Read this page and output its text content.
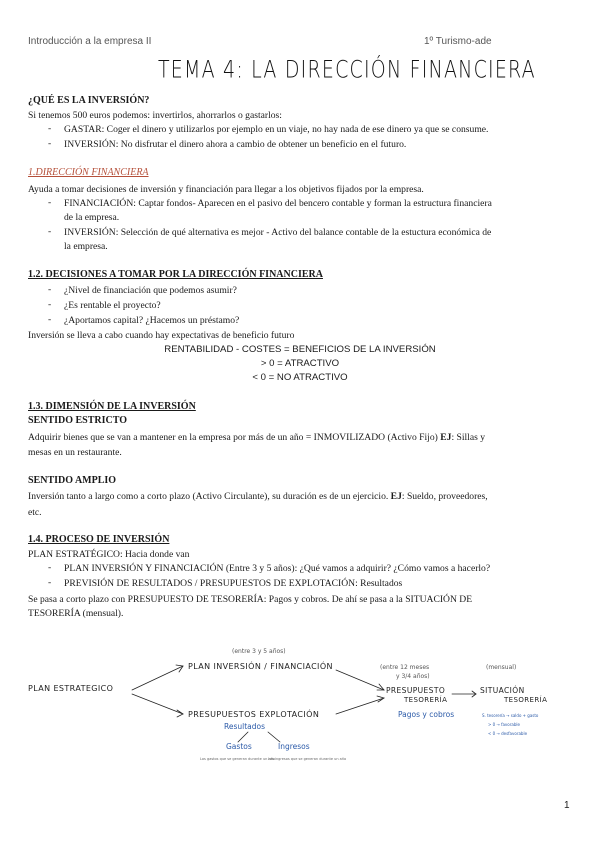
Introducción a la empresa II	1º Turismo-ade
TEMA 4: LA DIRECCIÓN FINANCIERA
¿QUÉ ES LA INVERSIÓN?
Si tenemos 500 euros podemos: invertirlos, ahorrarlos o gastarlos:
- GASTAR: Coger el dinero y utilizarlos por ejemplo en un viaje, no hay nada de ese dinero ya que se consume.
- INVERSIÓN: No disfrutar el dinero ahora a cambio de obtener un beneficio en el futuro.
1.DIRECCIÓN FINANCIERA
Ayuda a tomar decisiones de inversión y financiación para llegar a los objetivos fijados por la empresa.
- FINANCIACIÓN: Captar fondos- Aparecen en el pasivo del bencero contable y forman la estructura financiera
de la empresa.
- INVERSIÓN: Selección de qué alternativa es mejor - Activo del balance contable de la estuctura económica de
la empresa.
1.2. DECISIONES A TOMAR POR LA DIRECCIÓN FINANCIERA
- ¿Nivel de financiación que podemos asumir?
- ¿Es rentable el proyecto?
- ¿Aportamos capital? ¿Hacemos un préstamo?
Inversión se lleva a cabo cuando hay expectativas de beneficio futuro
RENTABILIDAD - COSTES = BENEFICIOS DE LA INVERSIÓN
> 0 = ATRACTIVO
< 0 = NO ATRACTIVO
1.3. DIMENSIÓN DE LA INVERSIÓN
SENTIDO ESTRICTO
Adquirir bienes que se van a mantener en la empresa por más de un año = INMOVILIZADO (Activo Fijo) EJ: Sillas y
mesas en un restaurante.
SENTIDO AMPLIO
Inversión tanto a largo como a corto plazo (Activo Circulante), su duración es de un ejercicio. EJ: Sueldo, proveedores,
etc.
1.4. PROCESO DE INVERSIÓN
PLAN ESTRATÉGICO: Hacia donde van
- PLAN INVERSIÓN Y FINANCIACIÓN (Entre 3 y 5 años): ¿Qué vamos a adquirir? ¿Cómo vamos a hacerlo?
- PREVISIÓN DE RESULTADOS / PRESUPUESTOS DE EXPLOTACIÓN: Resultados
Se pasa a corto plazo con PRESUPUESTO DE TESORERÍA: Pagos y cobros. De ahí se pasa a la SITUACIÓN DE
TESORERÍA (mensual).
PLAN ESTRATEGICO
(entre 3 y 5 años)
PLAN INVERSIÓN / FINANCIACIÓN
PRESUPUESTOS EXPLOTACIÓN
Resultados
Gastos	Ingresos
Los gastos que se generan durante un año
Los ingresos que se generan durante un año
(entre 12 meses
y 3/4 años)
PRESUPUESTO
TESORERÍA
Pagos y cobros
(mensual)
SITUACIÓN
TESORERÍA
S. tesorería → saldo + gasto
> 0 → favorable
< 0 → desfavorable
1
